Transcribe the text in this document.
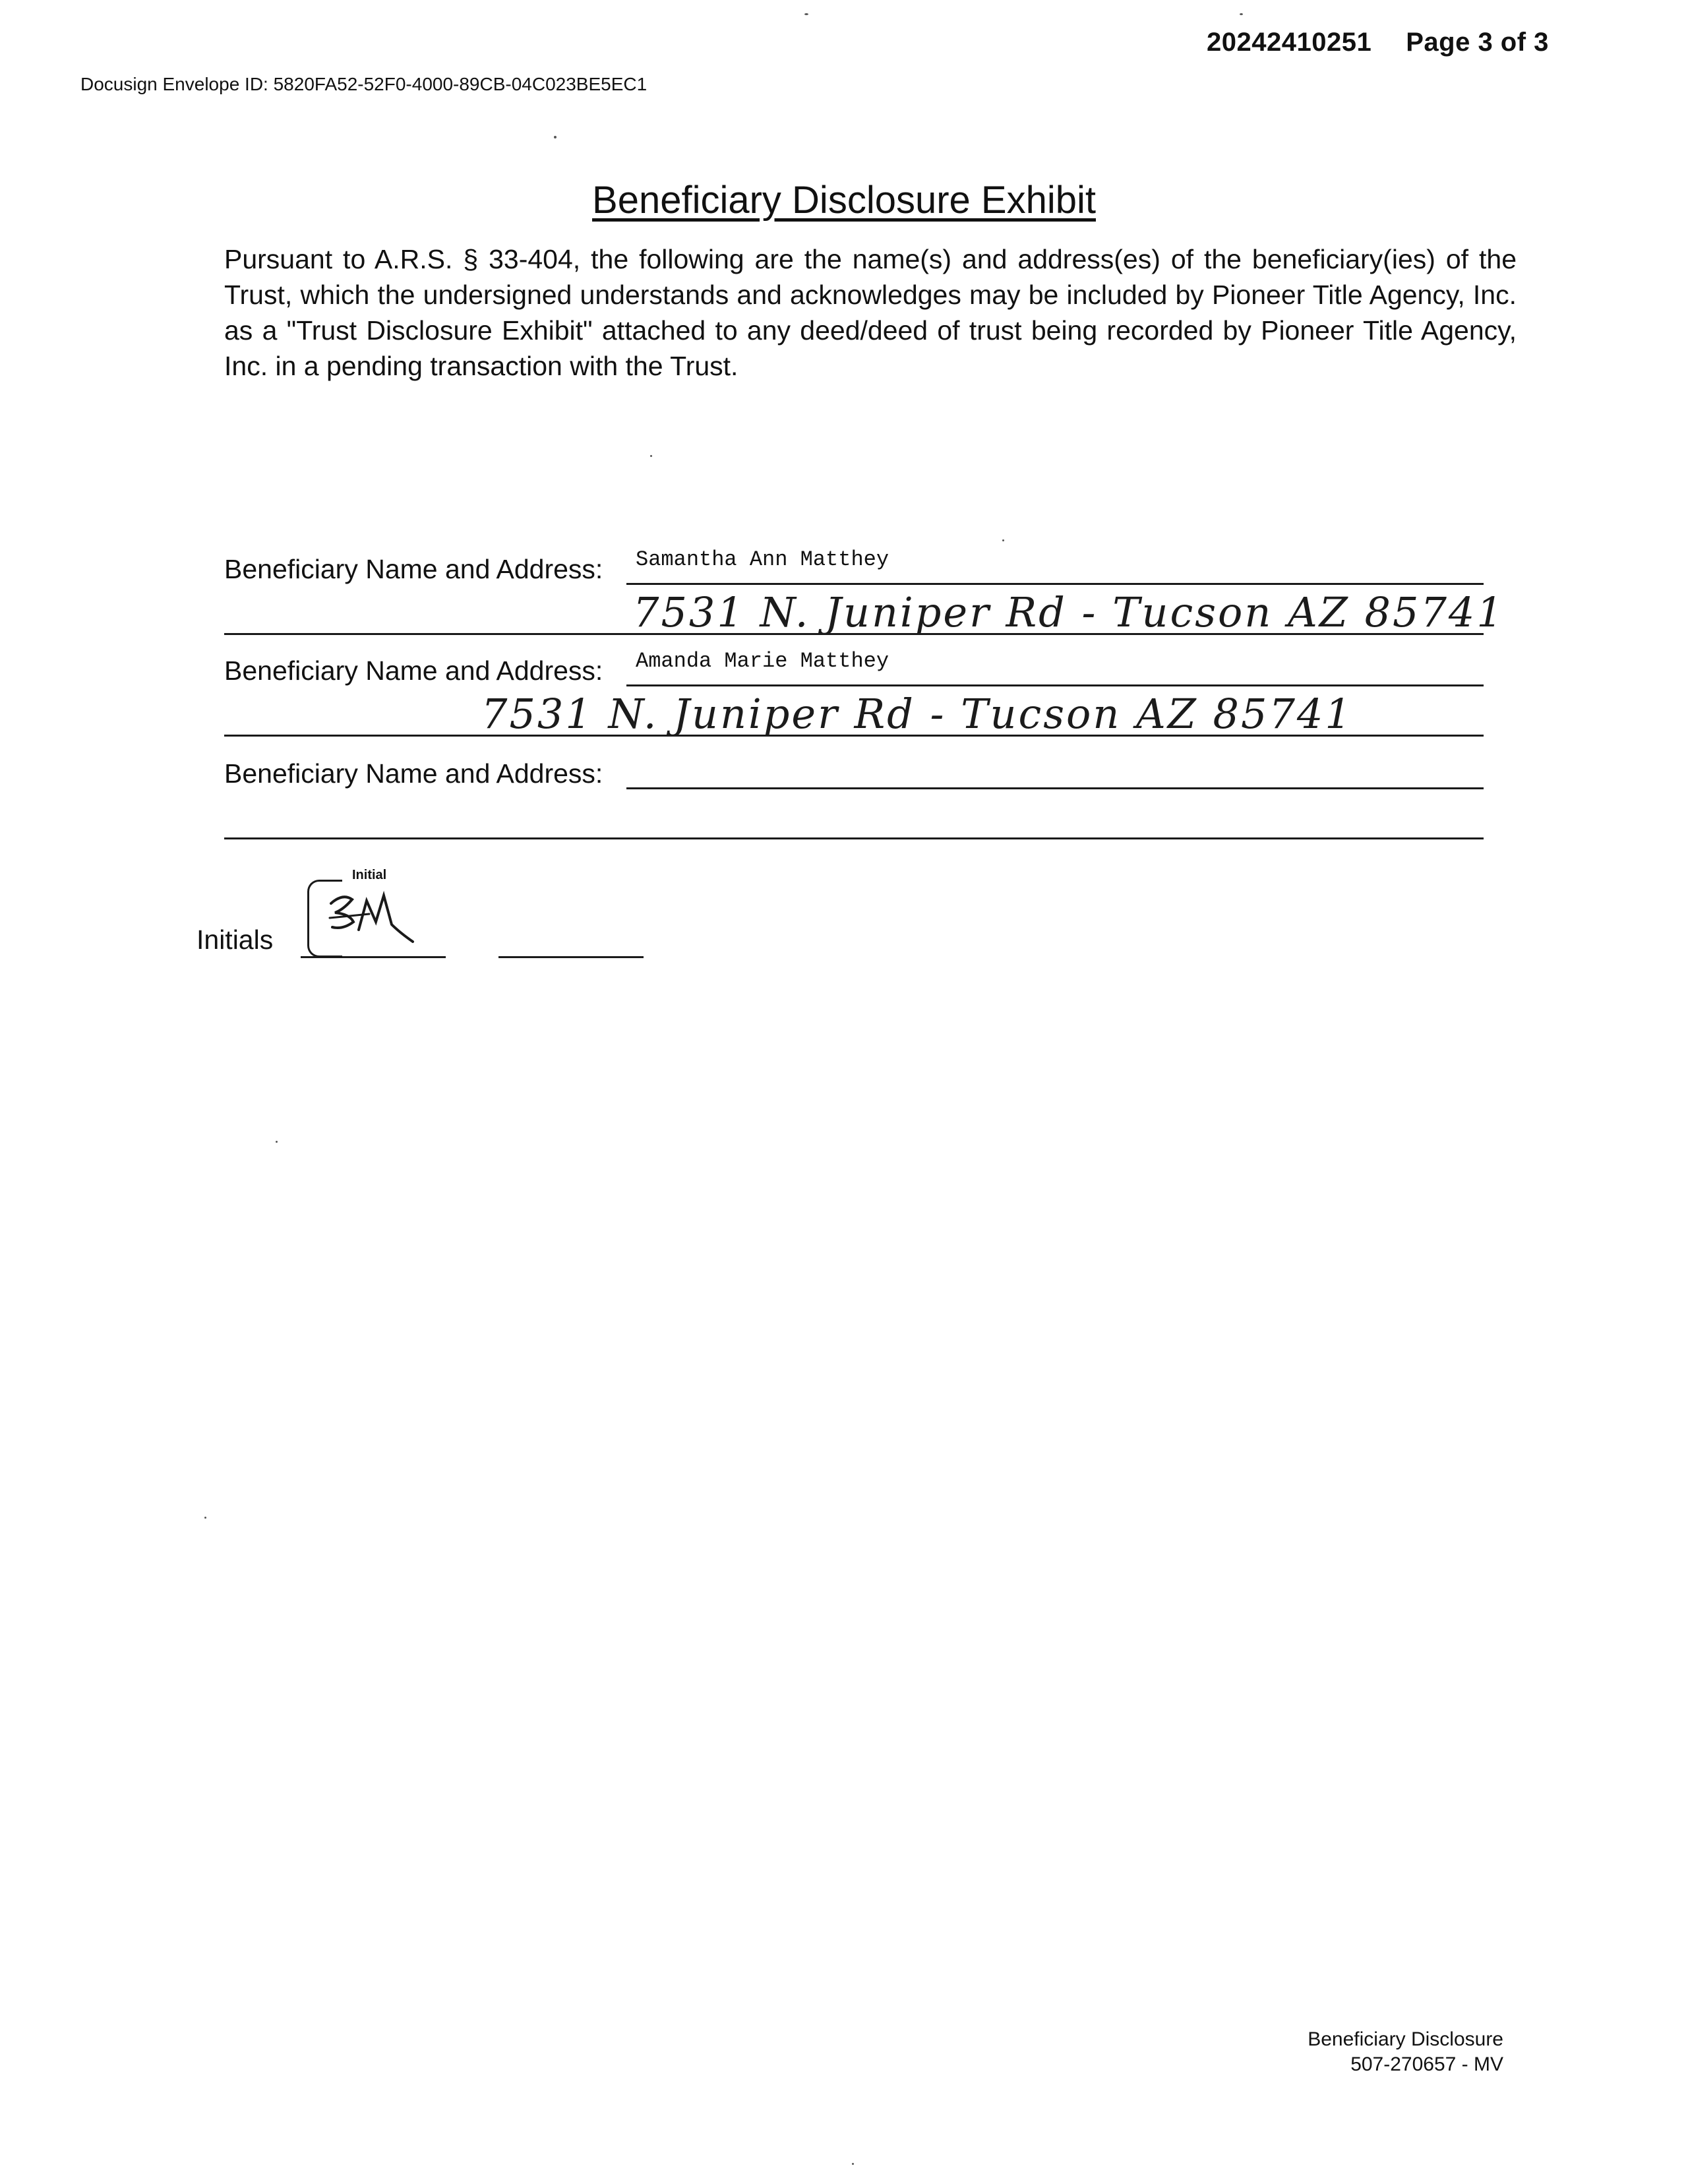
20242410251 Page 3 of 3
Docusign Envelope ID: 5820FA52-52F0-4000-89CB-04C023BE5EC1
Beneficiary Disclosure Exhibit
Pursuant to A.R.S. § 33-404, the following are the name(s) and address(es) of the beneficiary(ies) of the Trust, which the undersigned understands and acknowledges may be included by Pioneer Title Agency, Inc. as a "Trust Disclosure Exhibit" attached to any deed/deed of trust being recorded by Pioneer Title Agency, Inc. in a pending transaction with the Trust.
Beneficiary Name and Address: Samantha Ann Matthey
7531 N. Juniper Rd - Tucson AZ 85741
Beneficiary Name and Address: Amanda Marie Matthey
7531 N. Juniper Rd - Tucson AZ 85741
Beneficiary Name and Address:
Initials
Initial
Beneficiary Disclosure
507-270657 - MV
